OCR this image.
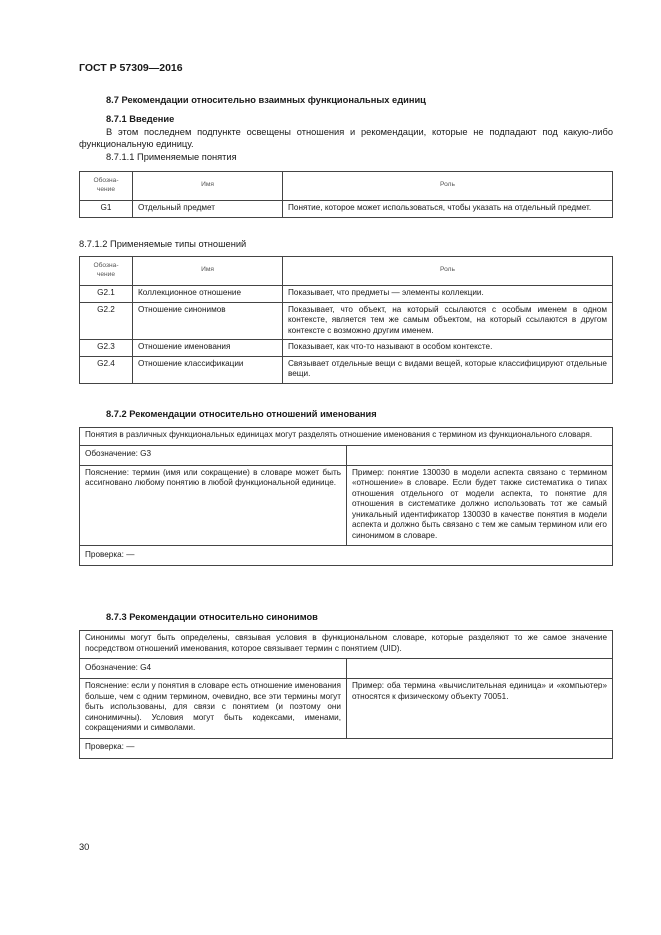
ГОСТ Р 57309—2016
8.7 Рекомендации относительно взаимных функциональных единиц
8.7.1 Введение
В этом последнем подпункте освещены отношения и рекомендации, которые не подпадают под какую-либо функциональную единицу.
8.7.1.1 Применяемые понятия
Обозна-чение	Имя	Роль
G1	Отдельный предмет	Понятие, которое может использоваться, чтобы указать на отдельный предмет.
8.7.1.2 Применяемые типы отношений
Обозна-чение	Имя	Роль
G2.1	Коллекционное отношение	Показывает, что предметы — элементы коллекции.
G2.2	Отношение синонимов	Показывает, что объект, на который ссылаются с особым именем в одном контексте, является тем же самым объектом, на который ссылаются в другом контексте с возможно другим именем.
G2.3	Отношение именования	Показывает, как что-то называют в особом контексте.
G2.4	Отношение классификации	Связывает отдельные вещи с видами вещей, которые классифицируют отдельные вещи.
8.7.2 Рекомендации относительно отношений именования
Понятия в различных функциональных единицах могут разделять отношение именования с термином из функционального словаря.	
Обозначение: G3	
Пояснение: термин (имя или сокращение) в словаре может быть ассигновано любому понятию в любой функциональной единице.	Пример: понятие 130030 в модели аспекта связано с термином «отношение» в словаре. Если будет также систематика о типах отношения отдельного от модели аспекта, то понятие для отношения в систематике должно использовать тот же самый уникальный идентификатор 130030 в качестве понятия в модели аспекта и должно быть связано с тем же самым термином или его синонимом в словаре.
Проверка: —	
8.7.3 Рекомендации относительно синонимов
Синонимы могут быть определены, связывая условия в функциональном словаре, которые разделяют то же самое значение посредством отношений именования, которое связывает термин с понятием (UID).	
Обозначение: G4	
Пояснение: если у понятия в словаре есть отношение именования больше, чем с одним термином, очевидно, все эти термины могут быть использованы, для связи с понятием (и поэтому они синонимичны). Условия могут быть кодексами, именами, сокращениями и символами.	Пример: оба термина «вычислительная единица» и «компьютер» относятся к физическому объекту 70051.
Проверка: —	
30
